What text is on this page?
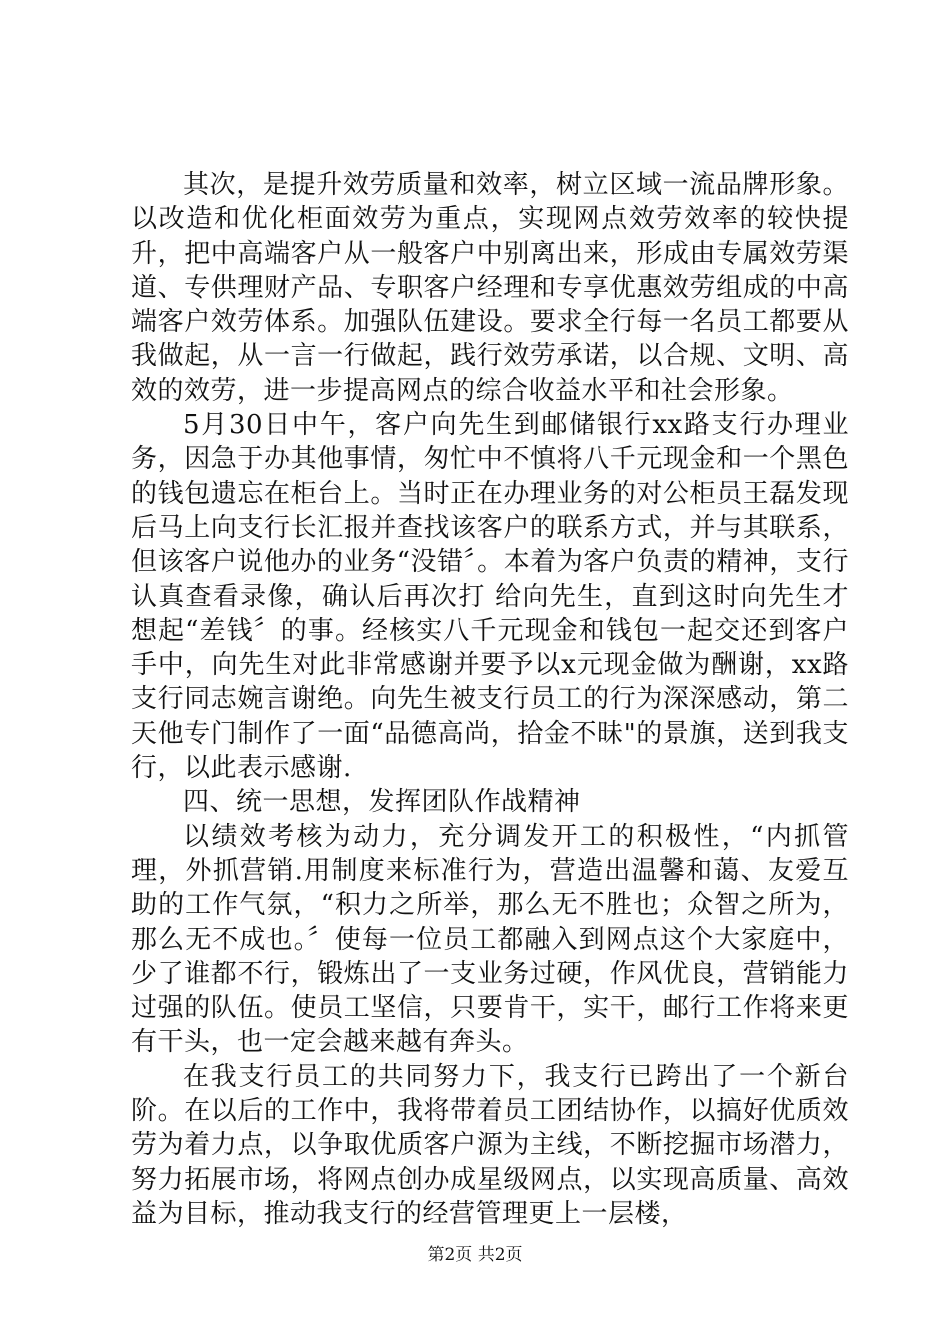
其次，是提升效劳质量和效率，树立区域一流品牌形象。以改造和优化柜面效劳为重点，实现网点效劳效率的较快提升，把中高端客户从一般客户中别离出来，形成由专属效劳渠道、专供理财产品、专职客户经理和专享优惠效劳组成的中高端客户效劳体系。加强队伍建设。要求全行每一名员工都要从我做起，从一言一行做起，践行效劳承诺，以合规、文明、高效的效劳，进一步提高网点的综合收益水平和社会形象。

5月30日中午，客户向先生到邮储银行xx路支行办理业务，因急于办其他事情，匆忙中不慎将八千元现金和一个黑色的钱包遗忘在柜台上。当时正在办理业务的对公柜员王磊发现后马上向支行长汇报并查找该客户的联系方式，并与其联系，但该客户说他办的业务“没错〞。本着为客户负责的精神，支行认真查看录像，确认后再次打 给向先生，直到这时向先生才想起“差钱〞的事。经核实八千元现金和钱包一起交还到客户手中，向先生对此非常感谢并要予以x元现金做为酬谢，xx路支行同志婉言谢绝。向先生被支行员工的行为深深感动，第二天他专门制作了一面“品德高尚，拾金不昧"的景旗，送到我支行，以此表示感谢.

四、统一思想，发挥团队作战精神

以绩效考核为动力，充分调发开工的积极性，“内抓管理，外抓营销.用制度来标准行为，营造出温馨和蔼、友爱互助的工作气氛，“积力之所举，那么无不胜也；众智之所为，那么无不成也。〞使每一位员工都融入到网点这个大家庭中，少了谁都不行，锻炼出了一支业务过硬，作风优良，营销能力过强的队伍。使员工坚信，只要肯干，实干，邮行工作将来更有干头，也一定会越来越有奔头。

在我支行员工的共同努力下，我支行已跨出了一个新台阶。在以后的工作中，我将带着员工团结协作，以搞好优质效劳为着力点，以争取优质客户源为主线，不断挖掘市场潜力，努力拓展市场，将网点创办成星级网点，以实现高质量、高效益为目标，推动我支行的经营管理更上一层楼，

第2页 共2页
